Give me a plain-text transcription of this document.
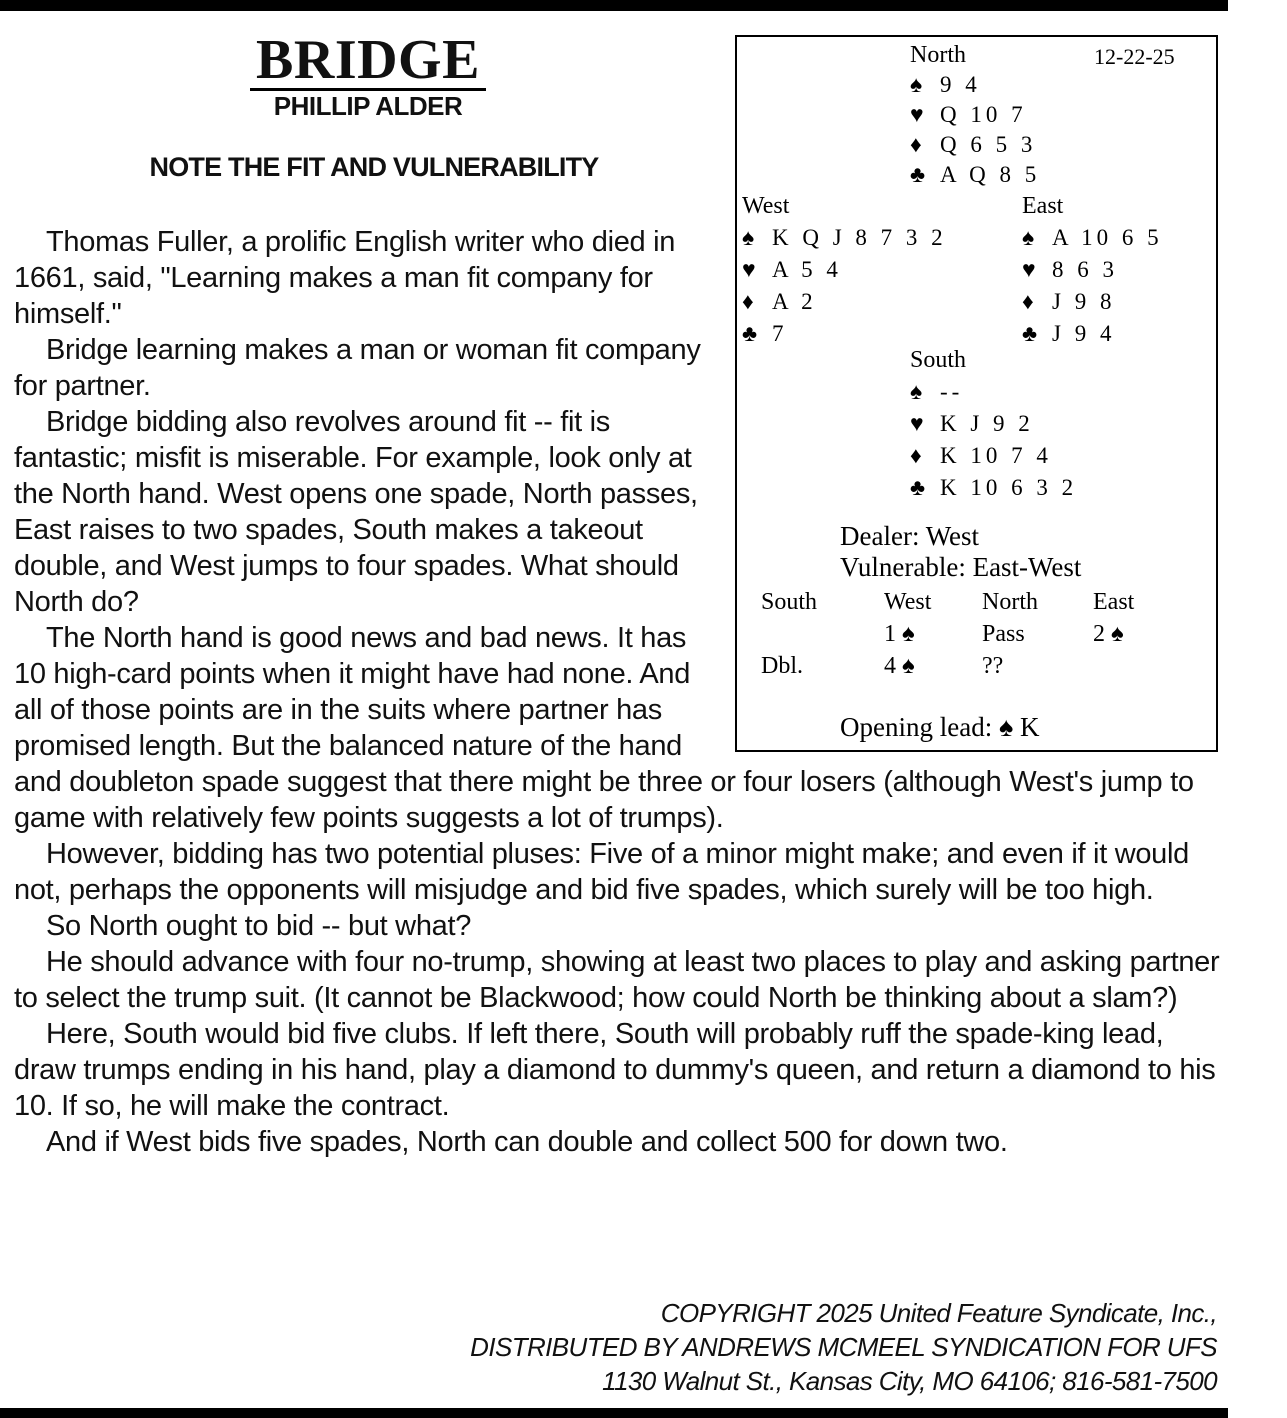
BRIDGE
PHILLIP ALDER
NOTE THE FIT AND VULNERABILITY
12-22-25
North
♠ 9 4
♥ Q 10 7
♦ Q 6 5 3
♣ A Q 8 5
West
♠ K Q J 8 7 3 2
♥ A 5 4
♦ A 2
♣ 7
East
♠ A 10 6 5
♥ 8 6 3
♦ J 9 8
♣ J 9 4
South
♠ --
♥ K J 9 2
♦ K 10 7 4
♣ K 10 6 3 2
Dealer: West
Vulnerable: East-West
South	West	North	East
	1 ♠	Pass	2 ♠
Dbl.	4 ♠	??	
Opening lead: ♠ K

Thomas Fuller, a prolific English writer who died in 1661, said, "Learning makes a man fit company for himself."

Bridge learning makes a man or woman fit company for partner.

Bridge bidding also revolves around fit -- fit is fantastic; misfit is miserable. For example, look only at the North hand. West opens one spade, North passes, East raises to two spades, South makes a takeout double, and West jumps to four spades. What should North do?

The North hand is good news and bad news. It has 10 high-card points when it might have had none. And all of those points are in the suits where partner has promised length. But the balanced nature of the hand and doubleton spade suggest that there might be three or four losers (although West's jump to game with relatively few points suggests a lot of trumps).

However, bidding has two potential pluses: Five of a minor might make; and even if it would not, perhaps the opponents will misjudge and bid five spades, which surely will be too high.

So North ought to bid -- but what?

He should advance with four no-trump, showing at least two places to play and asking partner to select the trump suit. (It cannot be Blackwood; how could North be thinking about a slam?)

Here, South would bid five clubs. If left there, South will probably ruff the spade-king lead, draw trumps ending in his hand, play a diamond to dummy's queen, and return a diamond to his 10. If so, he will make the contract.

And if West bids five spades, North can double and collect 500 for down two.

COPYRIGHT 2025 United Feature Syndicate, Inc.,
DISTRIBUTED BY ANDREWS MCMEEL SYNDICATION FOR UFS
1130 Walnut St., Kansas City, MO 64106; 816-581-7500
